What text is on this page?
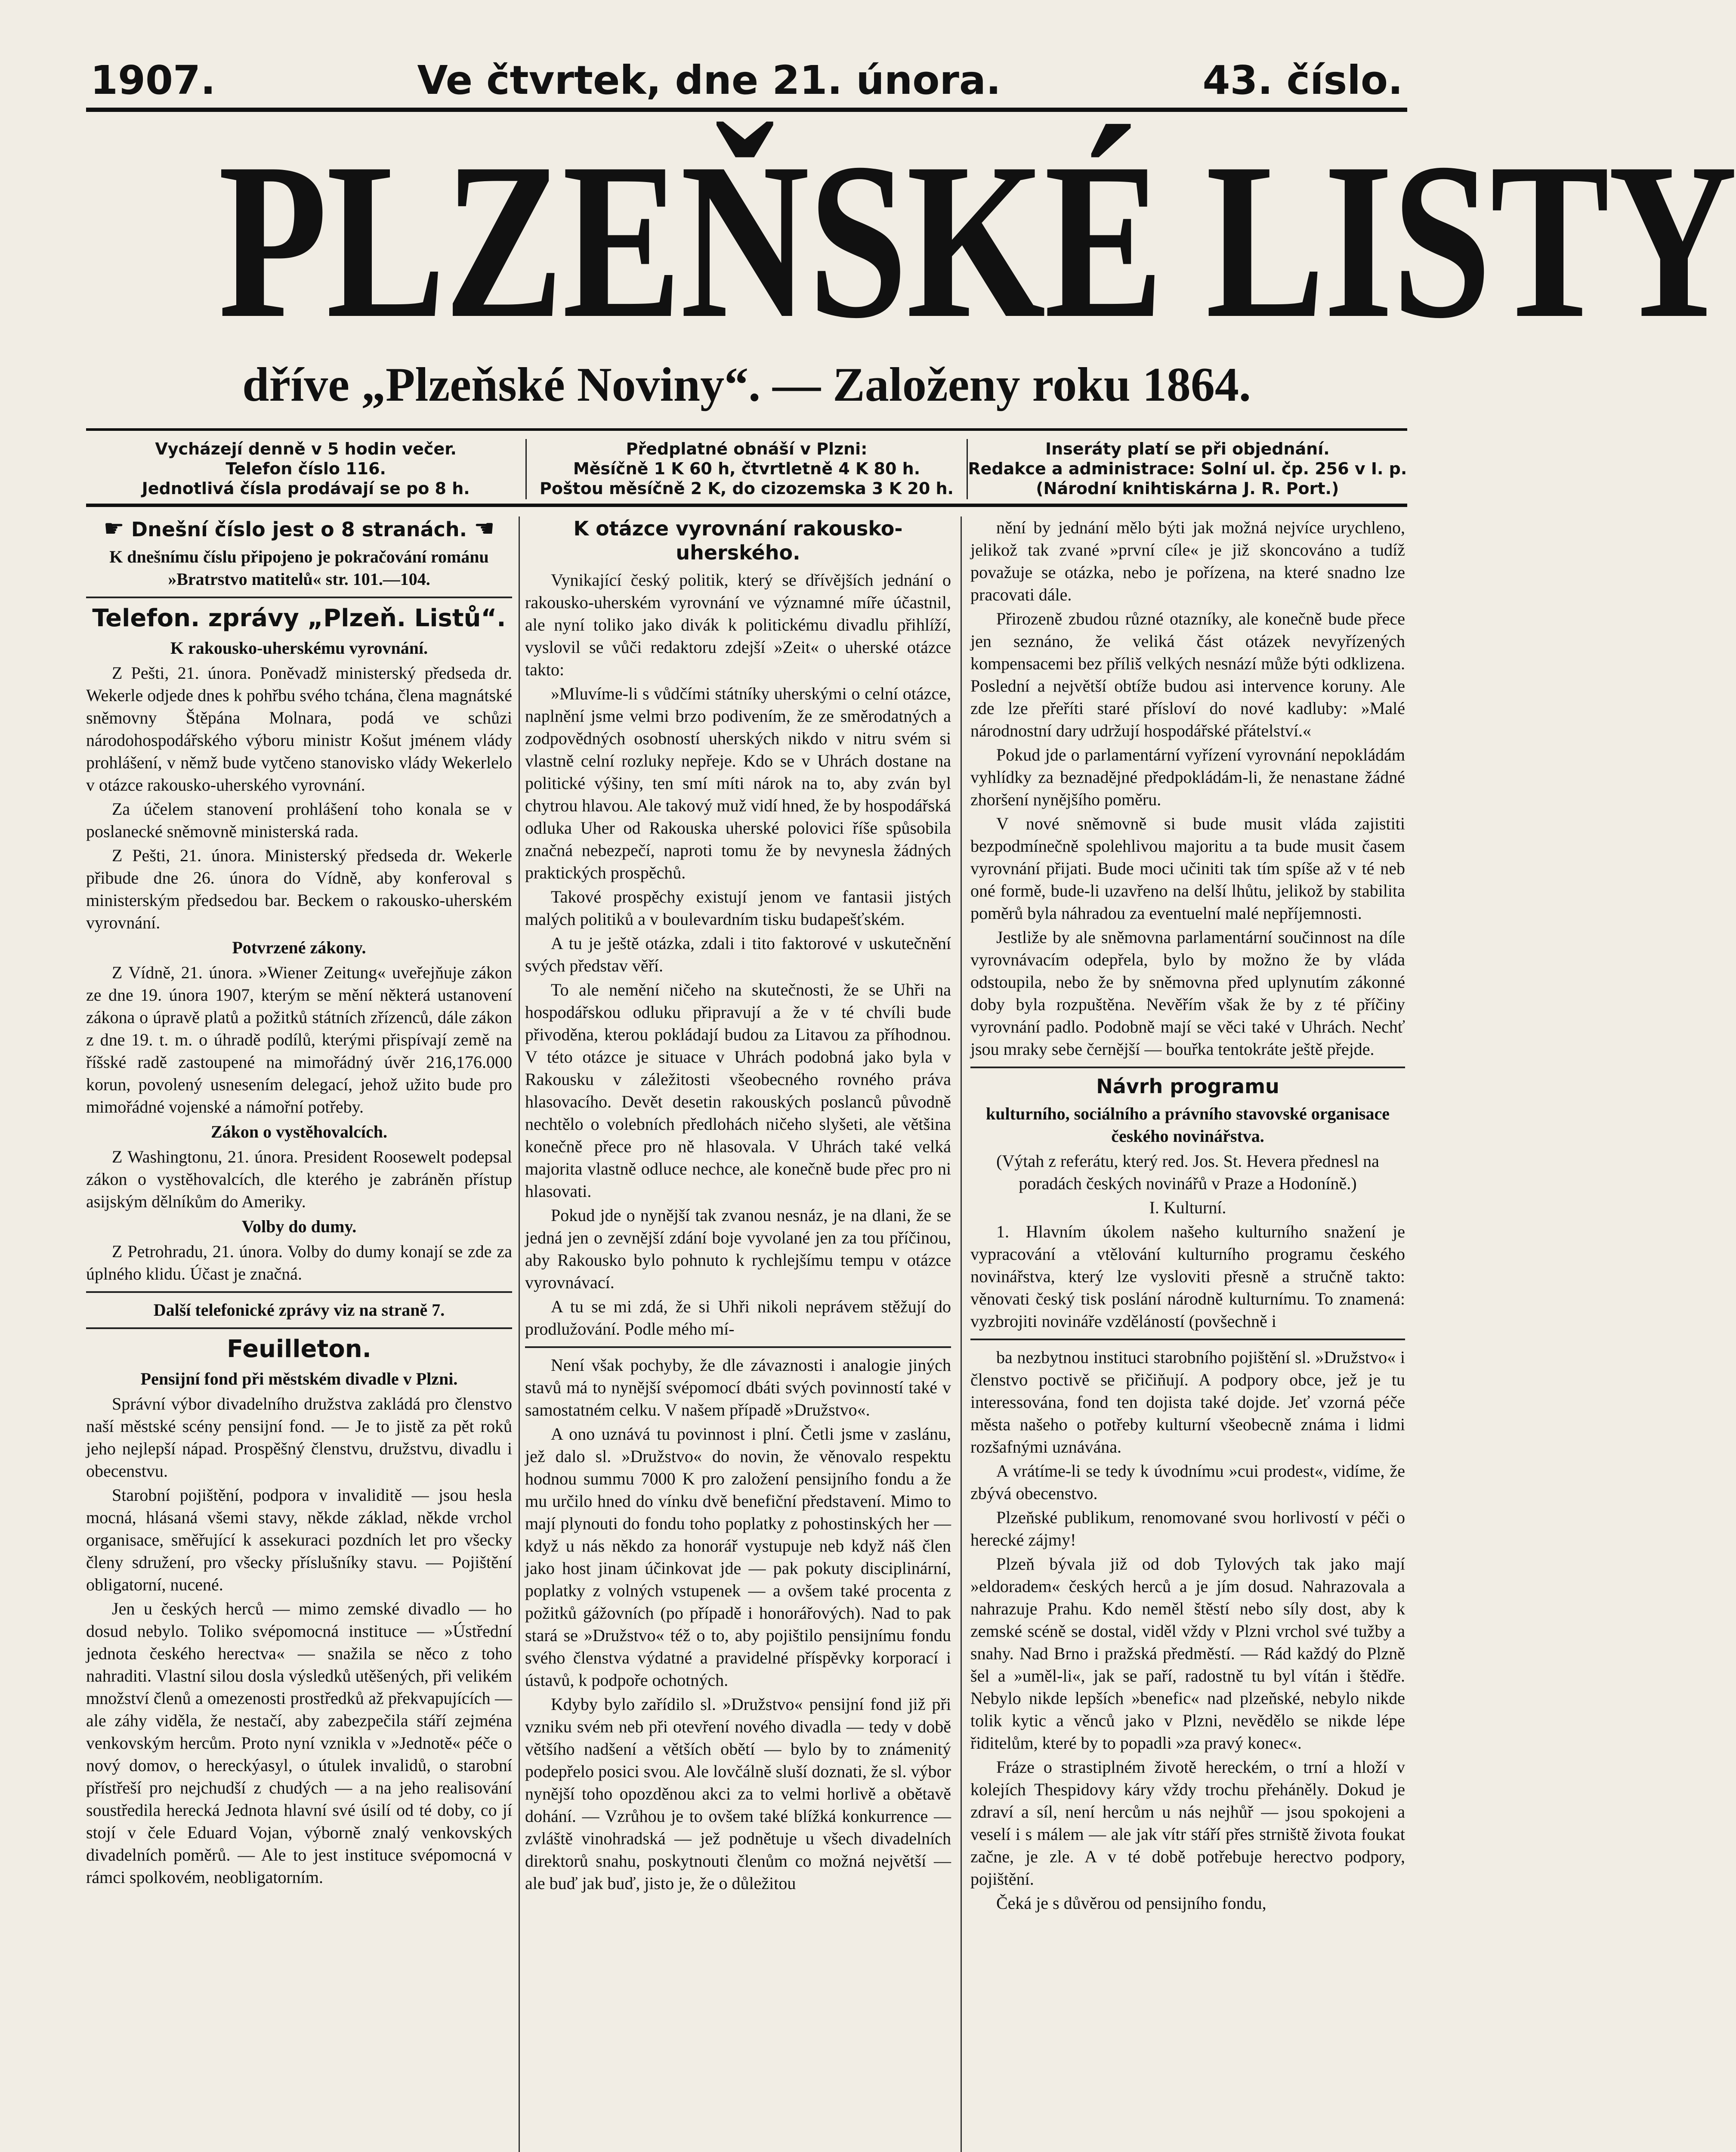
1907.	Ve čtvrtek, dne 21. února.	43. číslo.
PLZEŇSKÉ LISTY
dříve „Plzeňské Noviny“. — Založeny roku 1864.
Vycházejí denně v 5 hodin večer.
Telefon číslo 116.
Jednotlivá čísla prodávají se po 8 h.
Předplatné obnáší v Plzni:
Měsíčně 1 K 60 h, čtvrtletně 4 K 80 h.
Poštou měsíčně 2 K, do cizozemska 3 K 20 h.
Inseráty platí se při objednání.
Redakce a administrace: Solní ul. čp. 256 v I. p.
(Národní knihtiskárna J. R. Port.)
☛ Dnešní číslo jest o 8 stranách. ☚

K dnešnímu číslu připojeno je pokračování románu »Bratrstvo matitelů« str. 101.—104.

Telefon. zprávy „Plzeň. Listů“.
K rakousko-uherskému vyrovnání.

Z Pešti, 21. února. Poněvadž ministerský předseda dr. Wekerle odjede dnes k pohřbu svého tchána, člena magnátské sněmovny Štěpána Molnara, podá ve schůzi národohospodářského výboru ministr Košut jménem vlády prohlášení, v němž bude vytčeno stanovisko vlády Wekerlelo v otázce rakousko-uherského vyrovnání.

Za účelem stanovení prohlášení toho konala se v poslanecké sněmovně ministerská rada.

Z Pešti, 21. února. Ministerský předseda dr. Wekerle přibude dne 26. února do Vídně, aby konferoval s ministerským předsedou bar. Beckem o rakousko-uherském vyrovnání.

Potvrzené zákony.

Z Vídně, 21. února. »Wiener Zeitung« uveřejňuje zákon ze dne 19. února 1907, kterým se mění některá ustanovení zákona o úpravě platů a požitků státních zřízenců, dále zákon z dne 19. t. m. o úhradě podílů, kterými přispívají země na říšské radě zastoupené na mimořádný úvěr 216,176.000 korun, povolený usnesením delegací, jehož užito bude pro mimořádné vojenské a námořní potřeby.

Zákon o vystěhovalcích.

Z Washingtonu, 21. února. President Roosewelt podepsal zákon o vystěhovalcích, dle kterého je zabráněn přístup asijským dělníkům do Ameriky.

Volby do dumy.

Z Petrohradu, 21. února. Volby do dumy konají se zde za úplného klidu. Účast je značná.

Další telefonické zprávy viz na straně 7.

Feuilleton.
Pensijní fond při městském divadle v Plzni.

Správní výbor divadelního družstva zakládá pro členstvo naší městské scény pensijní fond. — Je to jistě za pět roků jeho nejlepší nápad. Prospěšný členstvu, družstvu, divadlu i obecenstvu.

Starobní pojištění, podpora v invaliditě — jsou hesla mocná, hlásaná všemi stavy, někde základ, někde vrchol organisace, směřující k assekuraci pozdních let pro všecky členy sdružení, pro všecky příslušníky stavu. — Pojištění obligatorní, nucené.

Jen u českých herců — mimo zemské divadlo — ho dosud nebylo. Toliko svépomocná instituce — »Ústřední jednota českého herectva« — snažila se něco z toho nahraditi. Vlastní silou dosla výsledků utěšených, při velikém množství členů a omezenosti prostředků až překvapujících — ale záhy viděla, že nestačí, aby zabezpečila stáří zejména venkovským hercům. Proto nyní vznikla v »Jednotě« péče o nový domov, o hereckýasyl, o útulek invalidů, o starobní přístřeší pro nejchudší z chudých — a na jeho realisování soustředila herecká Jednota hlavní své úsilí od té doby, co jí stojí v čele Eduard Vojan, výborně znalý venkovských divadelních poměrů. — Ale to jest instituce svépomocná v rámci spolkovém, neobligatorním.

K otázce vyrovnání rakousko-uherského.

Vynikající český politik, který se dřívějších jednání o rakousko-uherském vyrovnání ve významné míře účastnil, ale nyní toliko jako divák k politickému divadlu přihlíží, vyslovil se vůči redaktoru zdejší »Zeit« o uherské otázce takto:

»Mluvíme-li s vůdčími státníky uherskými o celní otázce, naplnění jsme velmi brzo podivením, že ze směrodatných a zodpovědných osobností uherských nikdo v nitru svém si vlastně celní rozluky nepřeje. Kdo se v Uhrách dostane na politické výšiny, ten smí míti nárok na to, aby zván byl chytrou hlavou. Ale takový muž vidí hned, že by hospodářská odluka Uher od Rakouska uherské polovici říše spůsobila značná nebezpečí, naproti tomu že by nevynesla žádných praktických prospěchů.

Takové prospěchy existují jenom ve fantasii jistých malých politiků a v boulevardním tisku budapešťském.

A tu je ještě otázka, zdali i tito faktorové v uskutečnění svých představ věří.

To ale nemění ničeho na skutečnosti, že se Uhři na hospodářskou odluku připravují a že v té chvíli bude přivoděna, kterou pokládají budou za Litavou za příhodnou. V této otázce je situace v Uhrách podobná jako byla v Rakousku v záležitosti všeobecného rovného práva hlasovacího. Devět desetin rakouských poslanců původně nechtělo o volebních předlohách ničeho slyšeti, ale většina konečně přece pro ně hlasovala. V Uhrách také velká majorita vlastně odluce nechce, ale konečně bude přec pro ni hlasovati.

Pokud jde o nynější tak zvanou nesnáz, je na dlani, že se jedná jen o zevnější zdání boje vyvolané jen za tou příčinou, aby Rakousko bylo pohnuto k rychlejšímu tempu v otázce vyrovnávací.

A tu se mi zdá, že si Uhři nikoli neprávem stěžují do prodlužování. Podle mého mí-

Není však pochyby, že dle závaznosti i analogie jiných stavů má to nynější svépomocí dbáti svých povinností také v samostatném celku. V našem případě »Družstvo«.

A ono uznává tu povinnost i plní. Četli jsme v zaslánu, jež dalo sl. »Družstvo« do novin, že věnovalo respektu hodnou summu 7000 K pro založení pensijního fondu a že mu určilo hned do vínku dvě benefiční představení. Mimo to mají plynouti do fondu toho poplatky z pohostinských her — když u nás někdo za honorář vystupuje neb když náš člen jako host jinam účinkovat jde — pak pokuty disciplinární, poplatky z volných vstupenek — a ovšem také procenta z požitků gážovních (po případě i honorářových). Nad to pak stará se »Družstvo« též o to, aby pojištilo pensijnímu fondu svého členstva výdatné a pravidelné příspěvky korporací i ústavů, k podpoře ochotných.

Kdyby bylo zařídilo sl. »Družstvo« pensijní fond již při vzniku svém neb při otevření nového divadla — tedy v době většího nadšení a větších obětí — bylo by to známenitý podepřelo posici svou. Ale lovčálně sluší doznati, že sl. výbor nynější toho opozděnou akci za to velmi horlivě a obětavě dohání. — Vzrůhou je to ovšem také blížká konkurrence — zvláště vinohradská — jež podnětuje u všech divadelních direktorů snahu, poskytnouti členům co možná největší — ale buď jak buď, jisto je, že o důležitou

nění by jednání mělo býti jak možná nejvíce urychleno, jelikož tak zvané »první cíle« je již skoncováno a tudíž považuje se otázka, nebo je pořízena, na které snadno lze pracovati dále.

Přirozeně zbudou různé otazníky, ale konečně bude přece jen seznáno, že veliká část otázek nevyřízených kompensacemi bez příliš velkých nesnází může býti odklizena. Poslední a největší obtíže budou asi intervence koruny. Ale zde lze přeříti staré přísloví do nové kadluby: »Malé národnostní dary udržují hospodářské přátelství.«

Pokud jde o parlamentární vyřízení vyrovnání nepokládám vyhlídky za beznadějné předpokládám-li, že nenastane žádné zhoršení nynějšího poměru.

V nové sněmovně si bude musit vláda zajistiti bezpodmínečně spolehlivou majoritu a ta bude musit časem vyrovnání přijati. Bude moci učiniti tak tím spíše až v té neb oné formě, bude-li uzavřeno na delší lhůtu, jelikož by stabilita poměrů byla náhradou za eventuelní malé nepříjemnosti.

Jestliže by ale sněmovna parlamentární součinnost na díle vyrovnávacím odepřela, bylo by možno že by vláda odstoupila, nebo že by sněmovna před uplynutím zákonné doby byla rozpuštěna. Nevěřím však že by z té příčiny vyrovnání padlo. Podobně mají se věci také v Uhrách. Nechť jsou mraky sebe černější — bouřka tentokráte ještě přejde.

Návrh programu
kulturního, sociálního a právního stavovské organisace českého novinářstva.

(Výtah z referátu, který red. Jos. St. Hevera přednesl na poradách českých novinářů v Praze a Hodoníně.)

I. Kulturní.

1. Hlavním úkolem našeho kulturního snažení je vypracování a vtělování kulturního programu českého novinářstva, který lze vysloviti přesně a stručně takto: věnovati český tisk poslání národně kulturnímu. To znamená: vyzbrojiti novináře vzděláností (povšechně i

ba nezbytnou instituci starobního pojištění sl. »Družstvo« i členstvo poctivě se přičiňují. A podpory obce, jež je tu interessována, fond ten dojista také dojde. Jeť vzorná péče města našeho o potřeby kulturní všeobecně známa i lidmi rozšafnými uznávána.

A vrátíme-li se tedy k úvodnímu »cui prodest«, vidíme, že zbývá obecenstvo.

Plzeňské publikum, renomované svou horlivostí v péči o herecké zájmy!

Plzeň bývala již od dob Tylových tak jako mají »eldoradem« českých herců a je jím dosud. Nahrazovala a nahrazuje Prahu. Kdo neměl štěstí nebo síly dost, aby k zemské scéně se dostal, viděl vždy v Plzni vrchol své tužby a snahy. Nad Brno i pražská předměstí. — Rád každý do Plzně šel a »uměl-li«, jak se paří, radostně tu byl vítán i štědře. Nebylo nikde lepších »benefic« nad plzeňské, nebylo nikde tolik kytic a věnců jako v Plzni, nevědělo se nikde lépe řiditelům, které by to popadli »za pravý konec«.

Fráze o strastiplném životě hereckém, o trní a hloží v kolejích Thespidovy káry vždy trochu přeháněly. Dokud je zdraví a síl, není hercům u nás nejhůř — jsou spokojeni a veselí i s málem — ale jak vítr stáří přes strniště života foukat začne, je zle. A v té době potřebuje herectvo podpory, pojištění.

Čeká je s důvěrou od pensijního fondu,
